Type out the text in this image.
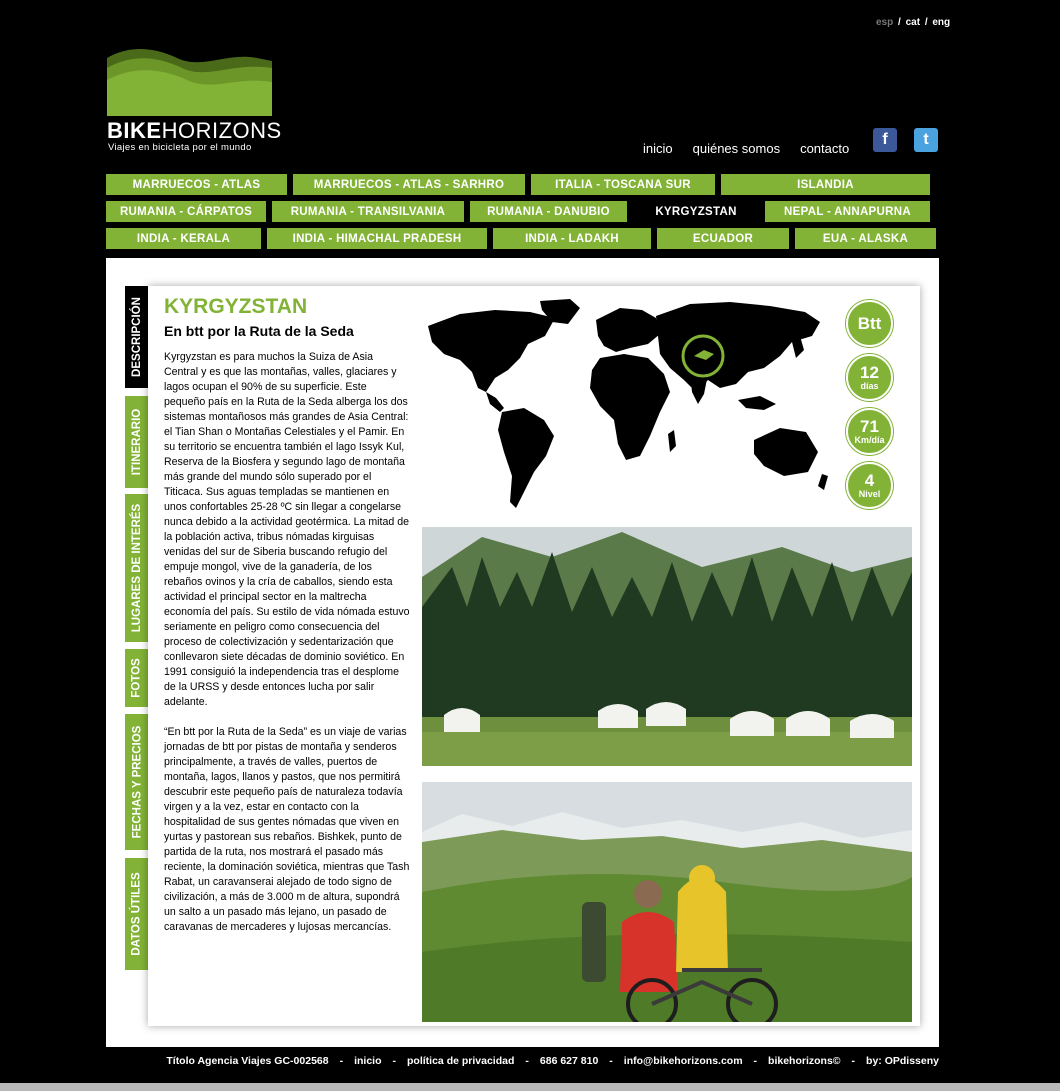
esp / cat / eng
BIKEHORIZONS
Viajes en bicicleta por el mundo	inicio quiénes somos contacto
f t
MARRUECOS - ATLAS	MARRUECOS - ATLAS - SARHRO	ITALIA - TOSCANA SUR	ISLANDIA
RUMANIA - CÁRPATOS	RUMANIA - TRANSILVANIA	RUMANIA - DANUBIO	KYRGYZSTAN	NEPAL - ANNAPURNA
INDIA - KERALA	INDIA - HIMACHAL PRADESH	INDIA - LADAKH	ECUADOR	EUA - ALASKA
DESCRIPCIÓN
ITINERARIO
LUGARES DE INTERÉS
FOTOS
FECHAS Y PRECIOS
DATOS ÚTILES
KYRGYZSTAN
En btt por la Ruta de la Seda

Kyrgyzstan es para muchos la Suiza de Asia Central y es que las montañas, valles, glaciares y lagos ocupan el 90% de su superficie. Este pequeño país en la Ruta de la Seda alberga los dos sistemas montañosos más grandes de Asia Central: el Tian Shan o Montañas Celestiales y el Pamir. En su territorio se encuentra también el lago Issyk Kul, Reserva de la Biosfera y segundo lago de montaña más grande del mundo sólo superado por el Titicaca. Sus aguas templadas se mantienen en unos confortables 25-28 ºC sin llegar a congelarse nunca debido a la actividad geotérmica. La mitad de la población activa, tribus nómadas kirguisas venidas del sur de Siberia buscando refugio del empuje mongol, vive de la ganadería, de los rebaños ovinos y la cría de caballos, siendo esta actividad el principal sector en la maltrecha economía del país. Su estilo de vida nómada estuvo seriamente en peligro como consecuencia del proceso de colectivización y sedentarización que conllevaron siete décadas de dominio soviético. En 1991 consiguió la independencia tras el desplome de la URSS y desde entonces lucha por salir adelante.

“En btt por la Ruta de la Seda” es un viaje de varias jornadas de btt por pistas de montaña y senderos principalmente, a través de valles, puertos de montaña, lagos, llanos y pastos, que nos permitirá descubrir este pequeño país de naturaleza todavía virgen y a la vez, estar en contacto con la hospitalidad de sus gentes nómadas que viven en yurtas y pastorean sus rebaños. Bishkek, punto de partida de la ruta, nos mostrará el pasado más reciente, la dominación soviética, mientras que Tash Rabat, un caravanserai alejado de todo signo de civilización, a más de 3.000 m de altura, supondrá un salto a un pasado más lejano, un pasado de caravanas de mercaderes y lujosas mercancías.

Btt
12
días
71
Km/día
4
Nivel
Títolo Agencia Viajes GC-002568	-	inicio	-	política de privacidad	-	686 627 810	-	info@bikehorizons.com	-	bikehorizons©	-	by: OPdisseny
